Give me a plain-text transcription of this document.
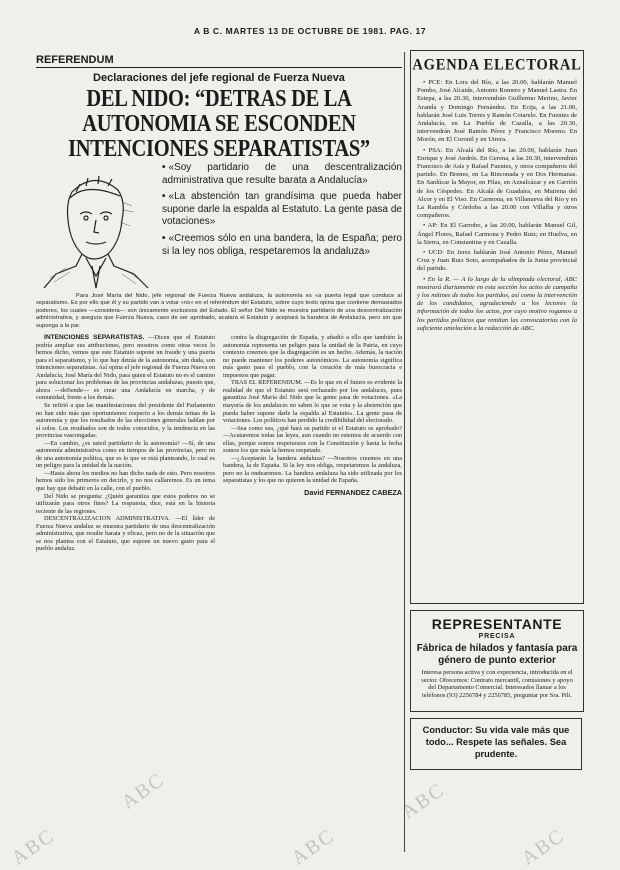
A B C. MARTES 13 DE OCTUBRE DE 1981. PAG. 17
REFERENDUM
Declaraciones del jefe regional de Fuerza Nueva
DEL NIDO: “DETRAS DE LA AUTONOMIA SE ESCONDEN INTENCIONES SEPARATISTAS”
• «Soy partidario de una descentralización administrativa que resulte barata a Andalucía»
• «La abstención tan grandísima que pueda haber supone darle la espalda al Estatuto. La gente pasa de votaciones»
• «Creemos sólo en una bandera, la de España; pero si la ley nos obliga, respetaremos la andaluza»
Para José María del Nido, jefe regional de Fuerza Nueva andaluza, la autonomía es «a puerta legal que conduce al separatismo. Es por ello que él y su partido van a votar «no» en el referéndum del Estatuto, sobre cuyo texto opina que contiene demasiados poderes, los cuales —considera— son únicamente exclusivos del Estado. El señor Del Nido se muestra partidario de una descentralización administrativa, y asegura que Fuerza Nueva, caso de ser aprobado, acatará el Estatuto y aceptará la bandera de Andalucía, pero sin que suponga a la par.

INTENCIONES SEPARATISTAS. —Dicen que el Estatuto podría ampliar sus atribuciones, pero nosotros como otras veces lo hemos dicho, vemos que este Estatuto supone un fraude y una puerta para el separatismo, y lo que hay detrás de la autonomía, sin duda, son intenciones separatistas. Así opina el jefe regional de Fuerza Nueva en Andalucía, José María del Nido, para quien el Estatuto no es el camino para solucionar los problemas de las provincias andaluzas, puesto que, ahora —defiende— es crear una Andalucía en marcha, y de comunidad, frente a los demás.

Se refirió a que las manifestaciones del presidente del Parlamento no han sido más que oportunismos respecto a los demás temas de la autonomía y que los resultados de las elecciones generales hablan por sí solos. Los resultados son de todos conocidos, y la tendencia en las provincias vascongadas.

—En cambio, ¿es usted partidario de la autonomía? —Sí, de una autonomía administrativa como en tiempos de las provincias, pero no de una autonomía política, que es lo que se está planteando, lo cual es un peligro para la unidad de la nación.

—Hasta ahora los medios no han dicho nada de esto. Pero nosotros hemos sido los primeros en decirlo, y no nos callaremos. Es un tema que hay que debatir en la calle, con el pueblo.

Del Nido se pregunta: ¿Quién garantiza que estos poderes no se utilizarán para otros fines? La respuesta, dice, está en la historia reciente de las regiones.

DESCENTRALIZACION ADMINISTRATIVA. —El líder de Fuerza Nueva andaluz se muestra partidario de una descentralización administrativa, que resulte barata y eficaz, pero no de la situación que se nos plantea con el Estatuto, que supone un nuevo gasto para el pueblo andaluz.

contra la disgregación de España, y añadió a ello que también la autonomía representa un peligro para la unidad de la Patria, en cuyo contexto creemos que la disgregación es un hecho. Además, la nación no puede mantener los poderes autonómicos. La autonomía significa más gasto para el pueblo, con la creación de más burocracia e impuestos que pagar.

TRAS EL REFERENDUM. —Es lo que en el futuro es evidente la realidad de que el Estatuto será rechazado por los andaluces, pues garantiza José María del Nido que la gente pasa de votaciones. «La mayoría de los andaluces no saben lo que se vota y la abstención que pueda haber supone darle la espalda al Estatuto». La gente pasa de votaciones. Los políticos han perdido la credibilidad del electorado.

—Sea como sea, ¿qué hará su partido si el Estatuto es aprobado? —Acataremos todas las leyes, aun cuando no estemos de acuerdo con ellas, porque somos respetuosos con la Constitución y hasta la fecha somos los que más la hemos respetado.

—¿Aceptarán la bandera andaluza? —Nosotros creemos en una bandera, la de España. Si la ley nos obliga, respetaremos la andaluza, pero no la ondearemos. La bandera andaluza ha sido utilizada por los separatistas y los que no quieren la unidad de España.

David FERNANDEZ CABEZA
AGENDA ELECTORAL

• PCE: En Lora del Río, a las 20.00, hablarán Manuel Pombo, José Alcaide, Antonio Romero y Manuel Lastra. En Estepa, a las 20.30, intervendrán Guillermo Merino, Javier Aranda y Domingo Fernández. En Ecija, a las 21.00, hablarán José Luis Torres y Ramón Cotarelo. En Fuentes de Andalucía, en La Puebla de Cazalla, a las 20.30, intervendrán José Ramón Pérez y Francisco Moreno. En Morón, en El Coronil y en Utrera.

• PSA: En Alcalá del Río, a las 20.00, hablarán Juan Enrique y José Andrés. En Gerena, a las 20.30, intervendrán Francisco de Asís y Rafael Fuentes, y otros compañeros del partido. En Brenes, en La Rinconada y en Dos Hermanas. En Sanlúcar la Mayor, en Pilas, en Aznalcázar y en Carrión de los Céspedes. En Alcalá de Guadaíra, en Mairena del Alcor y en El Viso. En Carmona, en Villanueva del Río y en La Rambla y Córdoba a las 20.00 con Villalba y otros compañeros.

• AP: En El Garrobo, a las 20.00, hablarán Manuel Gil, Ángel Flores, Rafael Carmona y Pedro Ruiz; en Huelva, en la Sierra, en Constantina y en Cazalla.

• UCD: En Jerez hablarán José Antonio Pérez, Manuel Cruz y Juan Ruiz Soto, acompañados de la Junta provincial del partido.

• En la R. — A lo largo de la olimpiada electoral, ABC mostrará diariamente en esta sección los actos de campaña y los mítines de todos los partidos, así como la intervención de los candidatos, agradeciendo a los lectores la información de todos los actos, por cuyo motivo rogamos a los partidos políticos que remitan las convocatorias con la suficiente antelación a la redacción de ABC.

REPRESENTANTE
PRECISA
Fábrica de hilados y fantasía para género de punto exterior
Interesa persona activa y con experiencia, introducida en el sector. Ofrecemos: Contrato mercantil, comisiones y apoyo del Departamento Comercial. Interesados llamar a los teléfonos (93) 2256784 y 2256785, preguntar por Sra. Pili.
Conductor: Su vida vale más que todo... Respete las señales. Sea prudente.
ABC
ABC
ABC
ABC
ABC
